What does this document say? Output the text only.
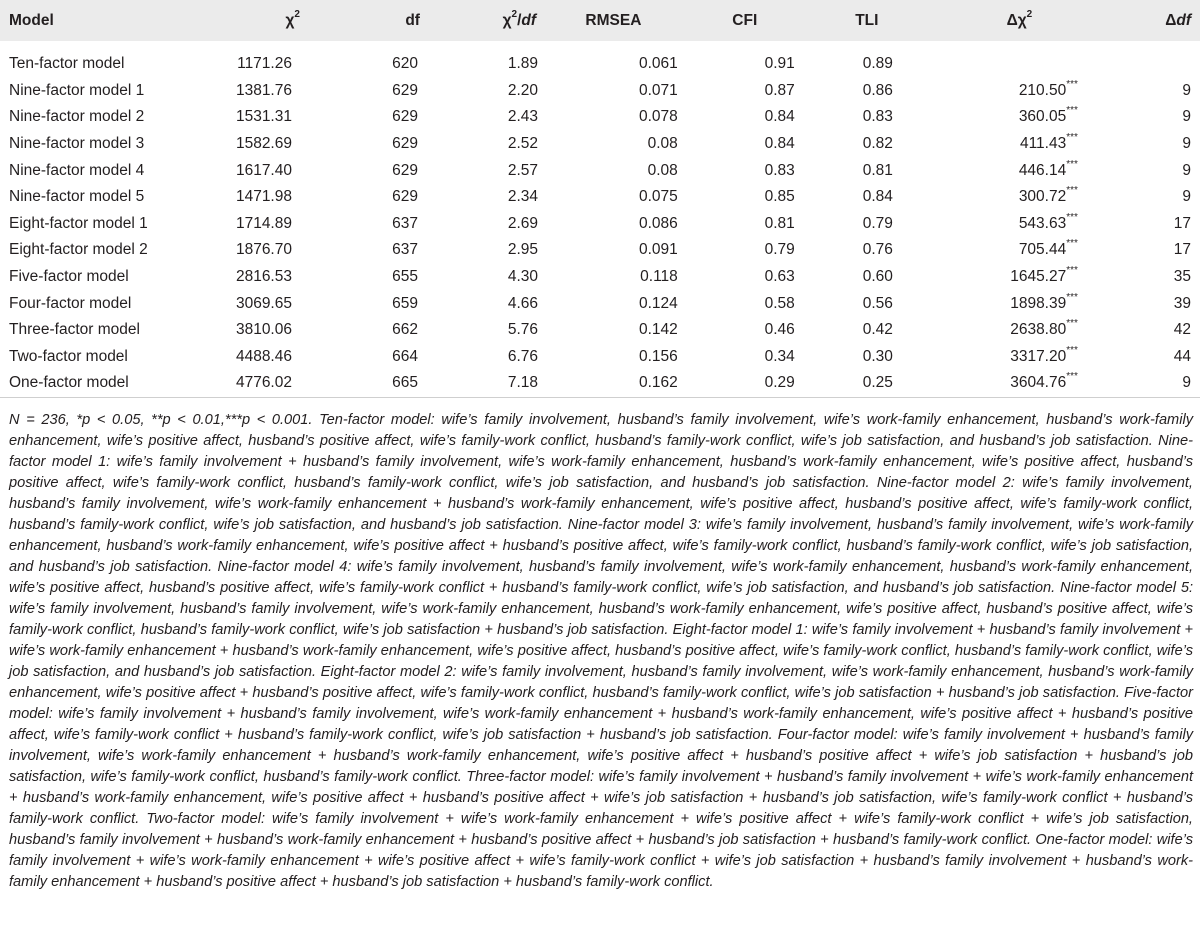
Model	$\chi^2$	df	$\chi^2/df$	RMSEA	CFI	TLI	$\Delta\chi^2$	Δdf
Ten-factor model	1171.26	620	1.89	0.061	0.91	0.89		
Nine-factor model 1	1381.76	629	2.20	0.071	0.87	0.86	210.50***	9
Nine-factor model 2	1531.31	629	2.43	0.078	0.84	0.83	360.05***	9
Nine-factor model 3	1582.69	629	2.52	0.08	0.84	0.82	411.43***	9
Nine-factor model 4	1617.40	629	2.57	0.08	0.83	0.81	446.14***	9
Nine-factor model 5	1471.98	629	2.34	0.075	0.85	0.84	300.72***	9
Eight-factor model 1	1714.89	637	2.69	0.086	0.81	0.79	543.63***	17
Eight-factor model 2	1876.70	637	2.95	0.091	0.79	0.76	705.44***	17
Five-factor model	2816.53	655	4.30	0.118	0.63	0.60	1645.27***	35
Four-factor model	3069.65	659	4.66	0.124	0.58	0.56	1898.39***	39
Three-factor model	3810.06	662	5.76	0.142	0.46	0.42	2638.80***	42
Two-factor model	4488.46	664	6.76	0.156	0.34	0.30	3317.20***	44
One-factor model	4776.02	665	7.18	0.162	0.29	0.25	3604.76***	9

N = 236, *p < 0.05, **p < 0.01,***p < 0.001. Ten-factor model: wife’s family involvement, husband’s family involvement, wife’s work-family enhancement, husband’s work-family enhancement, wife’s positive affect, husband’s positive affect, wife’s family-work conflict, husband’s family-work conflict, wife’s job satisfaction, and husband’s job satisfaction. Nine-factor model 1: wife’s family involvement + husband’s family involvement, wife’s work-family enhancement, husband’s work-family enhancement, wife’s positive affect, husband’s positive affect, wife’s family-work conflict, husband’s family-work conflict, wife’s job satisfaction, and husband’s job satisfaction. Nine-factor model 2: wife’s family involvement, husband’s family involvement, wife’s work-family enhancement + husband’s work-family enhancement, wife’s positive affect, husband’s positive affect, wife’s family-work conflict, husband’s family-work conflict, wife’s job satisfaction, and husband’s job satisfaction. Nine-factor model 3: wife’s family involvement, husband’s family involvement, wife’s work-family enhancement, husband’s work-family enhancement, wife’s positive affect + husband’s positive affect, wife’s family-work conflict, husband’s family-work conflict, wife’s job satisfaction, and husband’s job satisfaction. Nine-factor model 4: wife’s family involvement, husband’s family involvement, wife’s work-family enhancement, husband’s work-family enhancement, wife’s positive affect, husband’s positive affect, wife’s family-work conflict + husband’s family-work conflict, wife’s job satisfaction, and husband’s job satisfaction. Nine-factor model 5: wife’s family involvement, husband’s family involvement, wife’s work-family enhancement, husband’s work-family enhancement, wife’s positive affect, husband’s positive affect, wife’s family-work conflict, husband’s family-work conflict, wife’s job satisfaction + husband’s job satisfaction. Eight-factor model 1: wife’s family involvement + husband’s family involvement + wife’s work-family enhancement + husband’s work-family enhancement, wife’s positive affect, husband’s positive affect, wife’s family-work conflict, husband’s family-work conflict, wife’s job satisfaction, and husband’s job satisfaction. Eight-factor model 2: wife’s family involvement, husband’s family involvement, wife’s work-family enhancement, husband’s work-family enhancement, wife’s positive affect + husband’s positive affect, wife’s family-work conflict, husband’s family-work conflict, wife’s job satisfaction + husband’s job satisfaction. Five-factor model: wife’s family involvement + husband’s family involvement, wife’s work-family enhancement + husband’s work-family enhancement, wife’s positive affect + husband’s positive affect, wife’s family-work conflict + husband’s family-work conflict, wife’s job satisfaction + husband’s job satisfaction. Four-factor model: wife’s family involvement + husband’s family involvement, wife’s work-family enhancement + husband’s work-family enhancement, wife’s positive affect + husband’s positive affect + wife’s job satisfaction + husband’s job satisfaction, wife’s family-work conflict, husband’s family-work conflict. Three-factor model: wife’s family involvement + husband’s family involvement + wife’s work-family enhancement + husband’s work-family enhancement, wife’s positive affect + husband’s positive affect + wife’s job satisfaction + husband’s job satisfaction, wife’s family-work conflict + husband’s family-work conflict. Two-factor model: wife’s family involvement + wife’s work-family enhancement + wife’s positive affect + wife’s family-work conflict + wife’s job satisfaction, husband’s family involvement + husband’s work-family enhancement + husband’s positive affect + husband’s job satisfaction + husband’s family-work conflict. One-factor model: wife’s family involvement + wife’s work-family enhancement + wife’s positive affect + wife’s family-work conflict + wife’s job satisfaction + husband’s family involvement + husband’s work-family enhancement + husband’s positive affect + husband’s job satisfaction + husband’s family-work conflict.
